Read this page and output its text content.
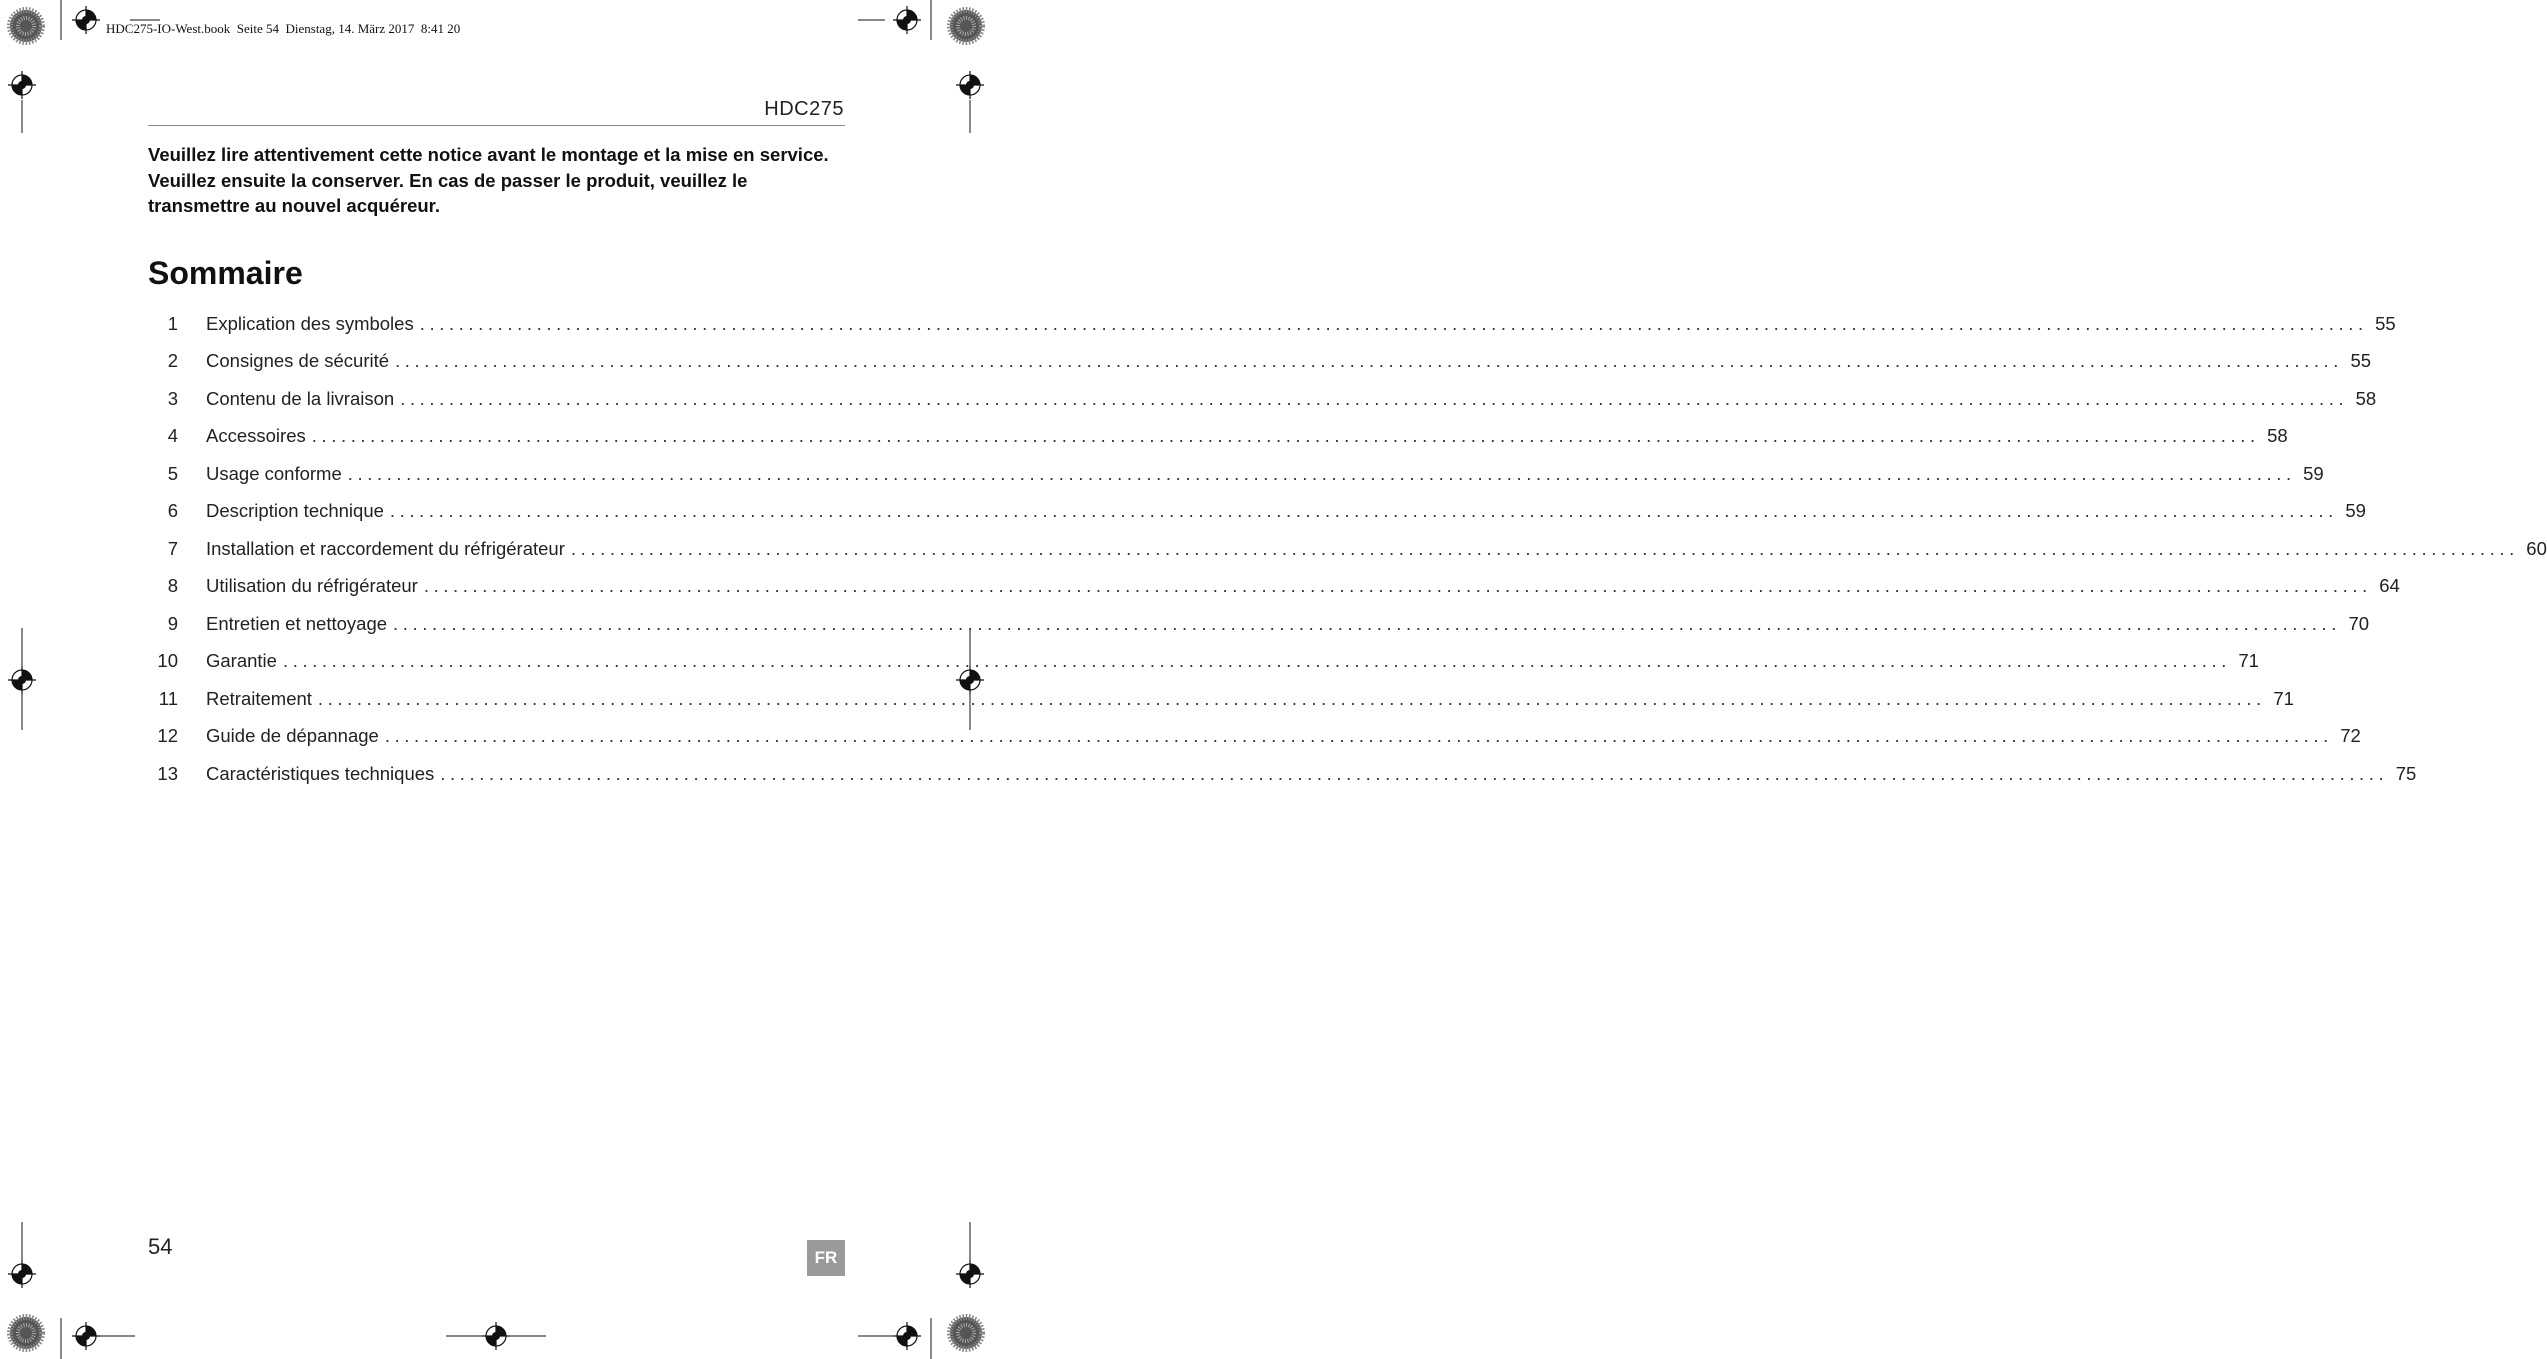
HDC275-IO-West.book  Seite 54  Dienstag, 14. März 2017  8:41 20
HDC275
Veuillez lire attentivement cette notice avant le montage et la mise en service. Veuillez ensuite la conserver. En cas de passer le produit, veuillez le transmettre au nouvel acquéreur.
Sommaire
1 Explication des symboles ........................................................................................................................................................................................................ 55
2 Consignes de sécurité ........................................................................................................................................................................................................ 55
3 Contenu de la livraison ........................................................................................................................................................................................................ 58
4 Accessoires ........................................................................................................................................................................................................ 58
5 Usage conforme ........................................................................................................................................................................................................ 59
6 Description technique ........................................................................................................................................................................................................ 59
7 Installation et raccordement du réfrigérateur ........................................................................................................................................................................................................ 60
8 Utilisation du réfrigérateur ........................................................................................................................................................................................................ 64
9 Entretien et nettoyage ........................................................................................................................................................................................................ 70
10 Garantie ........................................................................................................................................................................................................ 71
11 Retraitement ........................................................................................................................................................................................................ 71
12 Guide de dépannage ........................................................................................................................................................................................................ 72
13 Caractéristiques techniques ........................................................................................................................................................................................................ 75
54	FR
